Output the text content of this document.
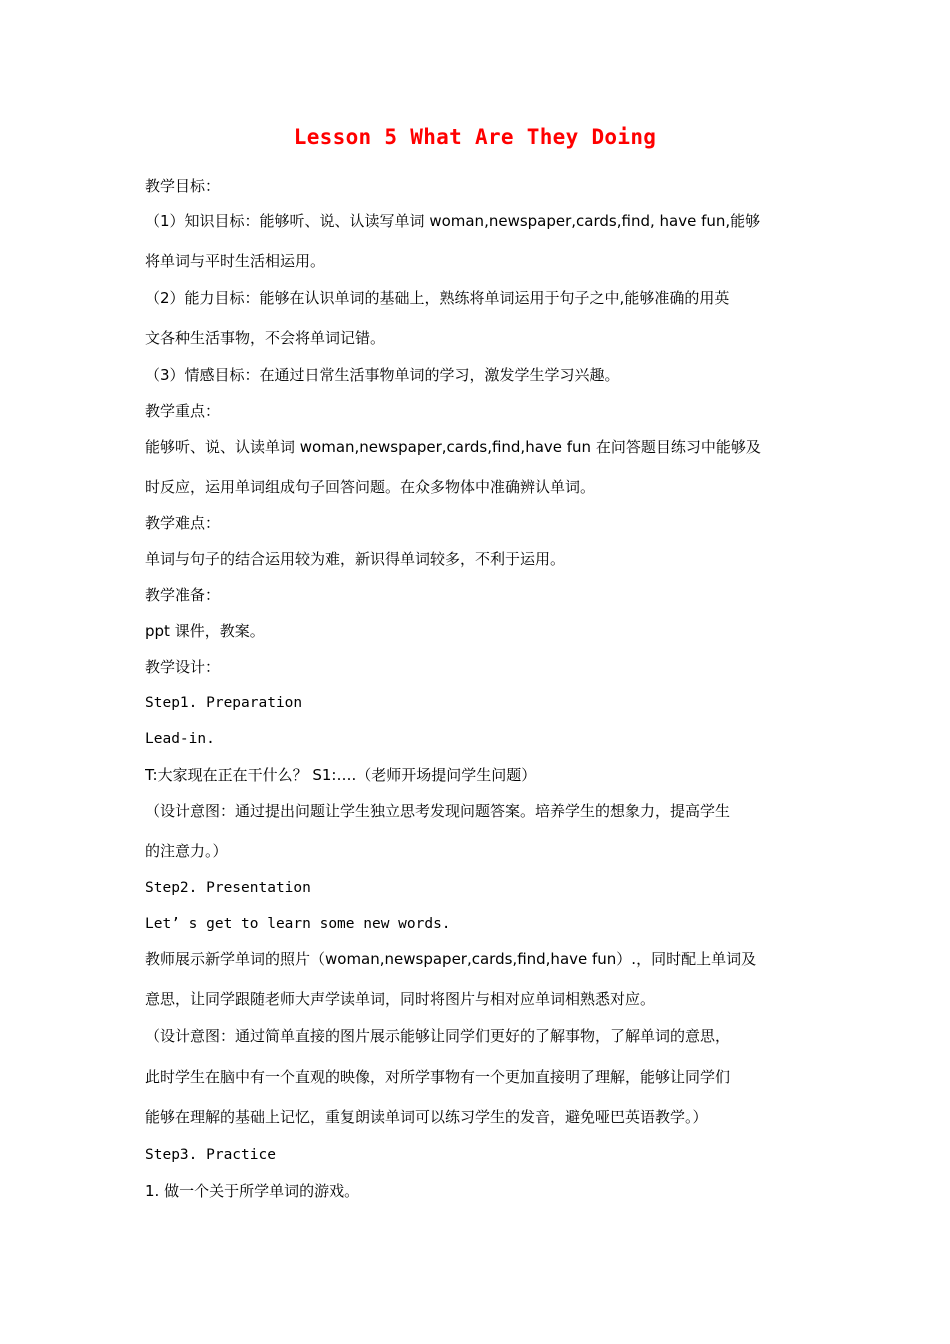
Lesson 5 What Are They Doing
教学目标：
（1）知识目标：能够听、说、认读写单词 woman,newspaper,cards,find, have fun,能够
将单词与平时生活相运用。
（2）能力目标：能够在认识单词的基础上，熟练将单词运用于句子之中,能够准确的用英
文各种生活事物，不会将单词记错。
（3）情感目标：在通过日常生活事物单词的学习，激发学生学习兴趣。
教学重点：
能够听、说、认读单词 woman,newspaper,cards,find,have fun 在问答题目练习中能够及
时反应，运用单词组成句子回答问题。在众多物体中准确辨认单词。
教学难点：
单词与句子的结合运用较为难，新识得单词较多，不利于运用。
教学准备：
ppt 课件，教案。
教学设计：
Step1. Preparation
Lead-in.
T:大家现在正在干什么？ S1:….（老师开场提问学生问题）
（设计意图：通过提出问题让学生独立思考发现问题答案。培养学生的想象力，提高学生
的注意力。）
Step2. Presentation
Let’ s get to learn some new words.
教师展示新学单词的照片（woman,newspaper,cards,find,have fun）.，同时配上单词及
意思，让同学跟随老师大声学读单词，同时将图片与相对应单词相熟悉对应。
（设计意图：通过简单直接的图片展示能够让同学们更好的了解事物，了解单词的意思，
此时学生在脑中有一个直观的映像，对所学事物有一个更加直接明了理解，能够让同学们
能够在理解的基础上记忆，重复朗读单词可以练习学生的发音，避免哑巴英语教学。）
Step3. Practice
1. 做一个关于所学单词的游戏。
